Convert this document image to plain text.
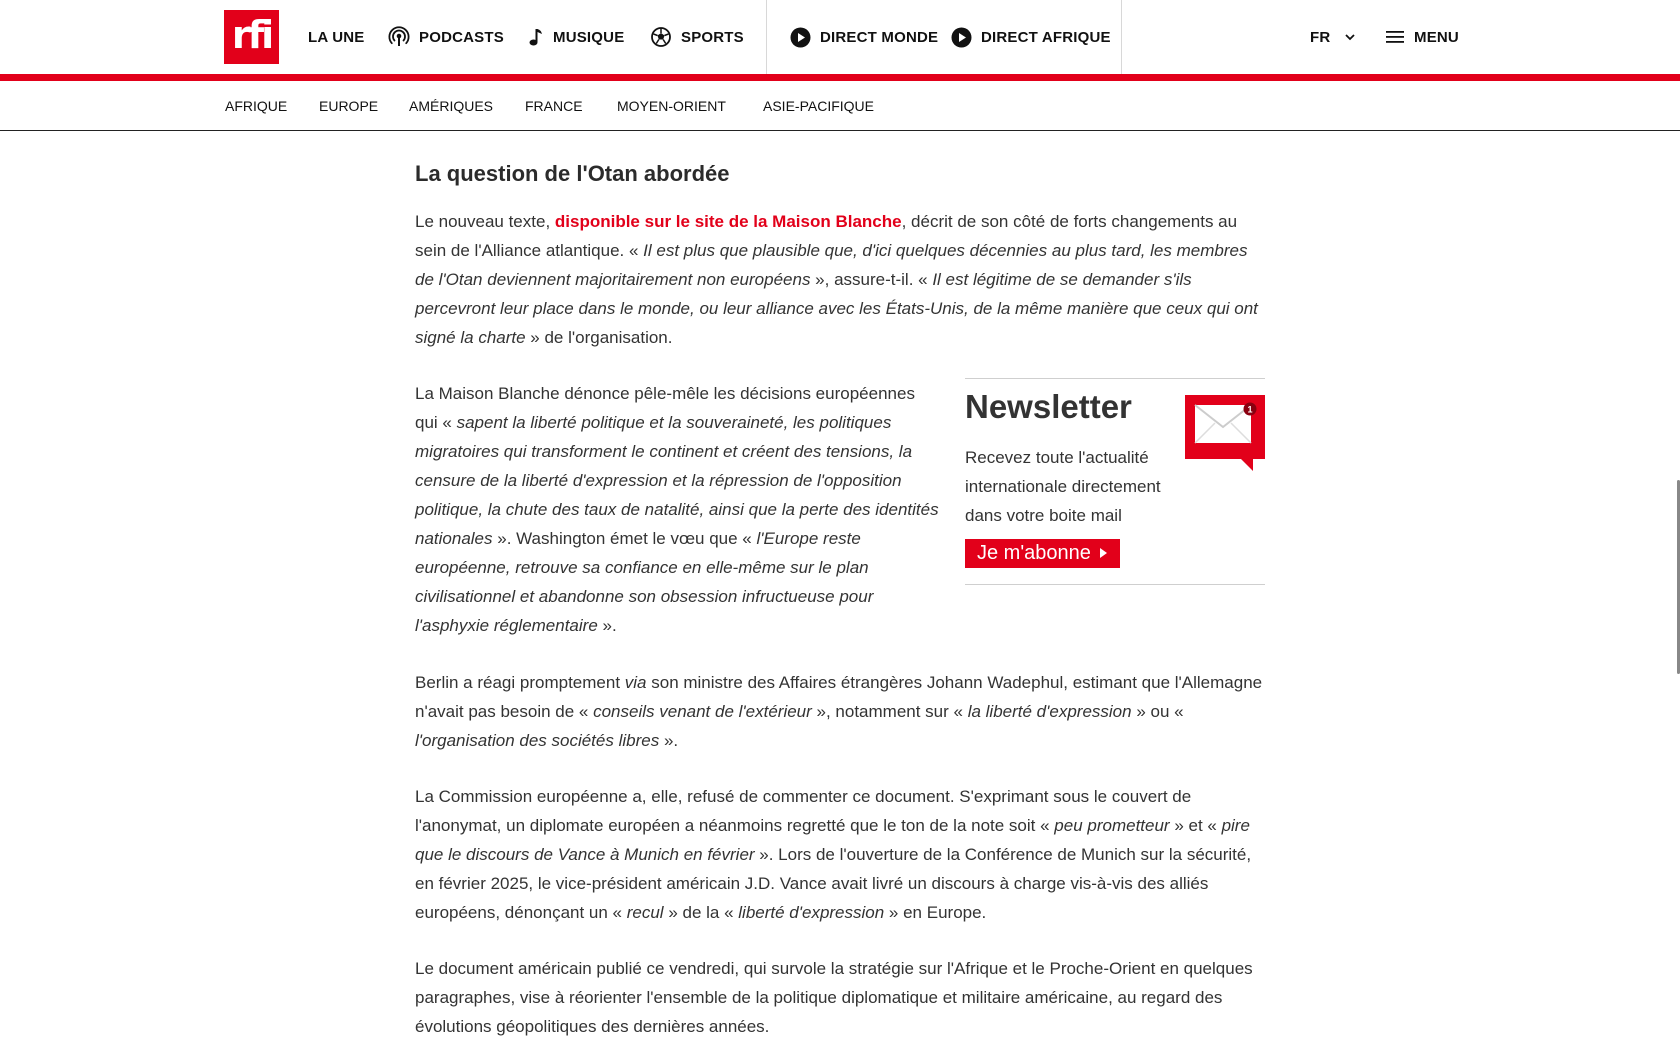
rfi	LA UNE	PODCASTS	MUSIQUE	SPORTS	DIRECT MONDE	DIRECT AFRIQUE	FR	MENU
AFRIQUE EUROPE AMÉRIQUES FRANCE MOYEN-ORIENT	ASIE-PACIFIQUE
La question de l'Otan abordée

Le nouveau texte, disponible sur le site de la Maison Blanche, décrit de son côté de forts changements au sein de l'Alliance atlantique. « Il est plus que plausible que, d'ici quelques décennies au plus tard, les membres de l'Otan deviennent majoritairement non européens », assure-t-il. « Il est légitime de se demander s'ils percevront leur place dans le monde, ou leur alliance avec les États-Unis, de la même manière que ceux qui ont signé la charte » de l'organisation.

La Maison Blanche dénonce pêle-mêle les décisions européennes qui « sapent la liberté politique et la souveraineté, les politiques migratoires qui transforment le continent et créent des tensions, la censure de la liberté d'expression et la répression de l'opposition politique, la chute des taux de natalité, ainsi que la perte des identités nationales ». Washington émet le vœu que « l'Europe reste européenne, retrouve sa confiance en elle-même sur le plan civilisationnel et abandonne son obsession infructueuse pour l'asphyxie réglementaire ».

Newsletter
Recevez toute l'actualité internationale directement dans votre boite mail
Je m'abonne
1

Berlin a réagi promptement via son ministre des Affaires étrangères Johann Wadephul, estimant que l'Allemagne n'avait pas besoin de « conseils venant de l'extérieur », notamment sur « la liberté d'expression » ou « l'organisation des sociétés libres ».

La Commission européenne a, elle, refusé de commenter ce document. S'exprimant sous le couvert de l'anonymat, un diplomate européen a néanmoins regretté que le ton de la note soit « peu prometteur » et « pire que le discours de Vance à Munich en février ». Lors de l'ouverture de la Conférence de Munich sur la sécurité, en février 2025, le vice-président américain J.D. Vance avait livré un discours à charge vis-à-vis des alliés européens, dénonçant un « recul » de la « liberté d'expression » en Europe.

Le document américain publié ce vendredi, qui survole la stratégie sur l'Afrique et le Proche-Orient en quelques paragraphes, vise à réorienter l'ensemble de la politique diplomatique et militaire américaine, au regard des évolutions géopolitiques des dernières années.
